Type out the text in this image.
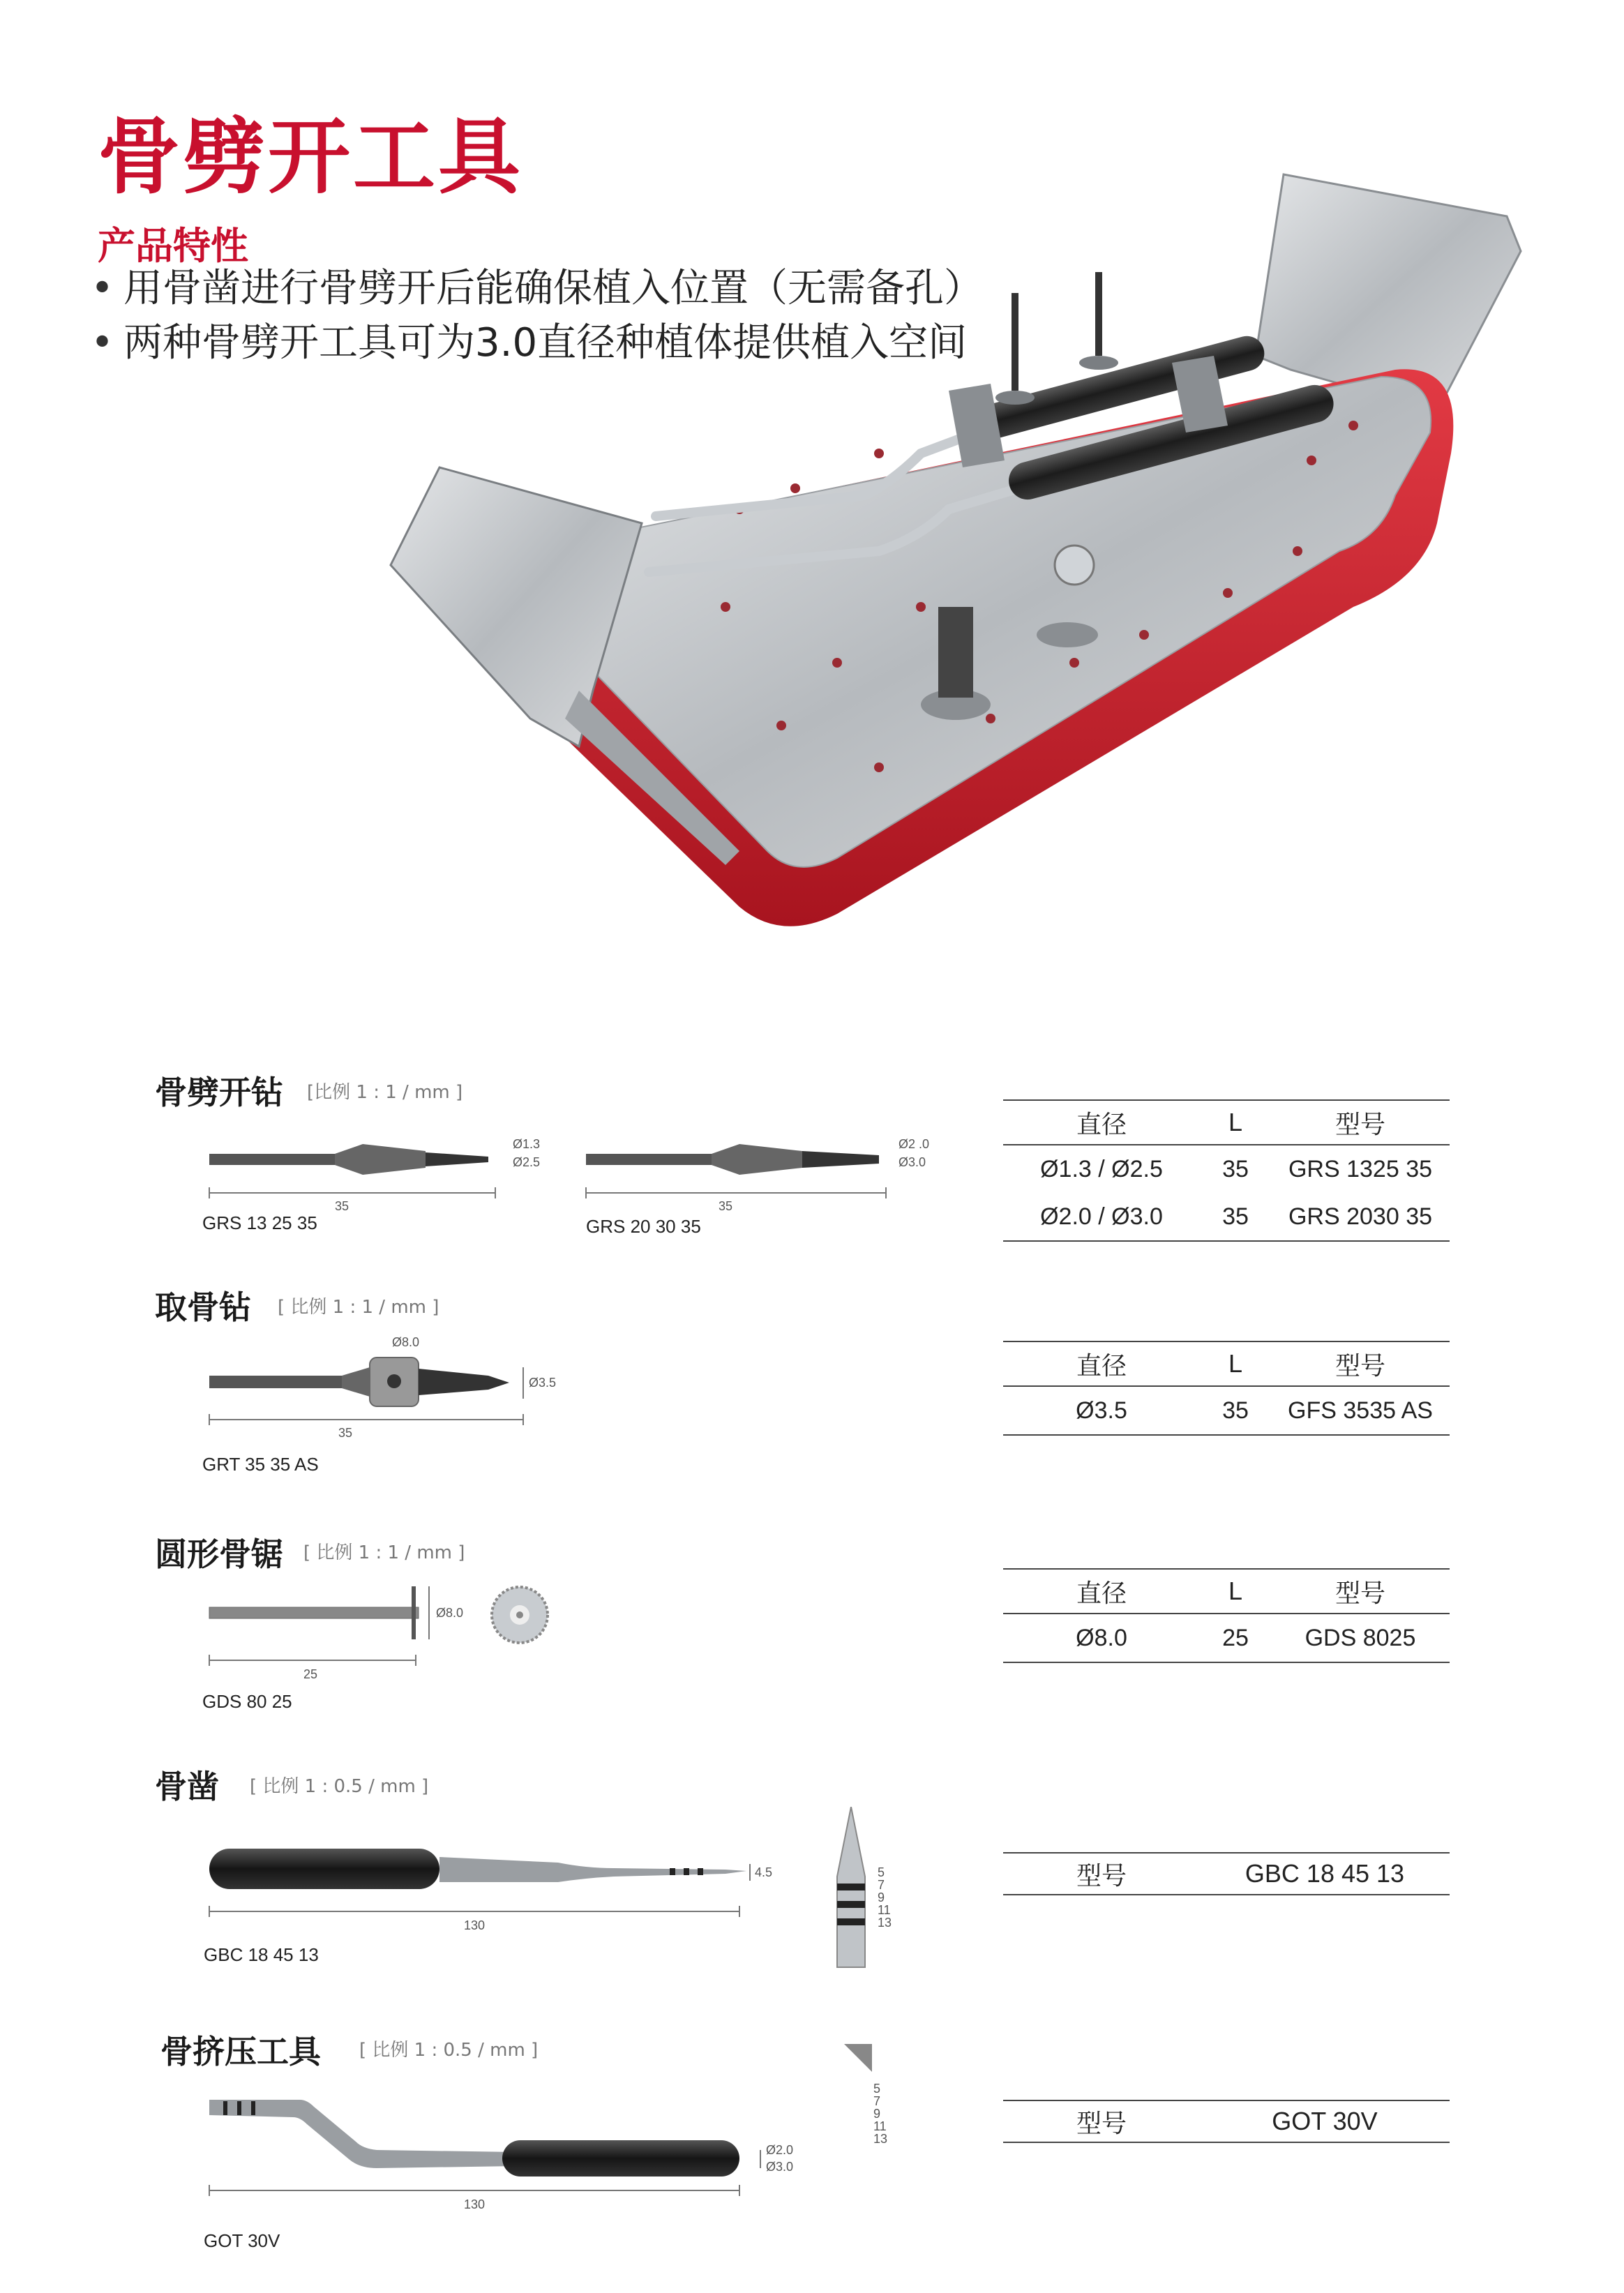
骨劈开工具
产品特性
• 用骨凿进行骨劈开后能确保植入位置（无需备孔）
• 两种骨劈开工具可为3.0直径种植体提供植入空间
骨劈开钻 [比例 1 : 1 / mm ]
35
Ø1.3
Ø2.5
35
Ø2 .0
Ø3.0
GRS 13 25 35	GRS 20 30 35
直径	L	型号
Ø1.3 / Ø2.5	35	GRS 1325 35
Ø2.0 / Ø3.0	35	GRS 2030 35
取骨钻 [ 比例 1 : 1 / mm ]
35
Ø8.0
Ø3.5
GRT 35 35 AS
直径	L	型号
Ø3.5	35	GFS 3535 AS
圆形骨锯 [ 比例 1 : 1 / mm ]
25
Ø8.0
GDS 80 25
直径	L	型号
Ø8.0	25	GDS 8025
骨凿 [ 比例 1 : 0.5 / mm ]
4.5
130
GBC 18 45 13
5
7
9
11
13
型号	GBC 18 45 13
骨挤压工具 [ 比例 1 : 0.5 / mm ]
Ø2.0
Ø3.0
130
GOT 30V
5
7
9
11
13
型号	GOT 30V
